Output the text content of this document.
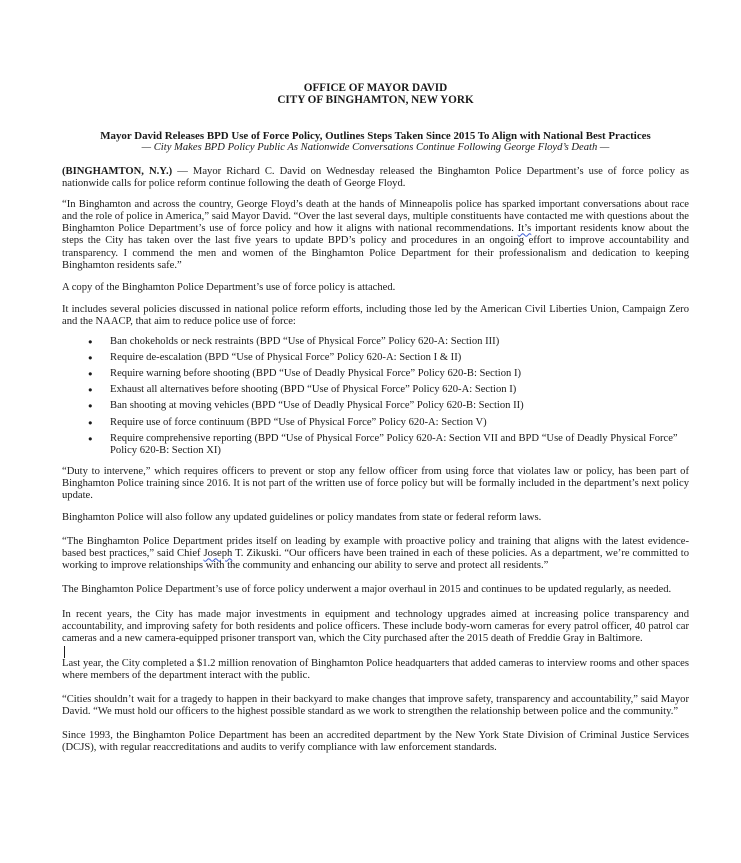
OFFICE OF MAYOR DAVID
CITY OF BINGHAMTON, NEW YORK
Mayor David Releases BPD Use of Force Policy, Outlines Steps Taken Since 2015 To Align with National Best Practices
— City Makes BPD Policy Public As Nationwide Conversations Continue Following George Floyd’s Death —

(BINGHAMTON, N.Y.) — Mayor Richard C. David on Wednesday released the Binghamton Police Department’s use of force policy as nationwide calls for police reform continue following the death of George Floyd.

“In Binghamton and across the country, George Floyd’s death at the hands of Minneapolis police has sparked important conversations about race and the role of police in America,” said Mayor David. “Over the last several days, multiple constituents have contacted me with questions about the Binghamton Police Department’s use of force policy and how it aligns with national recommendations. It’s important residents know about the steps the City has taken over the last five years to update BPD’s policy and procedures in an ongoing effort to improve accountability and transparency. I commend the men and women of the Binghamton Police Department for their professionalism and dedication to keeping Binghamton residents safe.”

A copy of the Binghamton Police Department’s use of force policy is attached.

It includes several policies discussed in national police reform efforts, including those led by the American Civil Liberties Union, Campaign Zero and the NAACP, that aim to reduce police use of force:

● Ban chokeholds or neck restraints (BPD “Use of Physical Force” Policy 620-A: Section III)
● Require de-escalation (BPD “Use of Physical Force” Policy 620-A: Section I & II)
● Require warning before shooting (BPD “Use of Deadly Physical Force” Policy 620-B: Section I)
● Exhaust all alternatives before shooting (BPD “Use of Physical Force” Policy 620-A: Section I)
● Ban shooting at moving vehicles (BPD “Use of Deadly Physical Force” Policy 620-B: Section II)
● Require use of force continuum (BPD “Use of Physical Force” Policy 620-A: Section V)
● Require comprehensive reporting (BPD “Use of Physical Force” Policy 620-A: Section VII and BPD “Use of Deadly Physical Force” Policy 620-B: Section XI)

“Duty to intervene,” which requires officers to prevent or stop any fellow officer from using force that violates law or policy, has been part of Binghamton Police training since 2016. It is not part of the written use of force policy but will be formally included in the department’s next policy update.

Binghamton Police will also follow any updated guidelines or policy mandates from state or federal reform laws.

“The Binghamton Police Department prides itself on leading by example with proactive policy and training that aligns with the latest evidence-based best practices,” said Chief Joseph T. Zikuski. “Our officers have been trained in each of these policies. As a department, we’re committed to working to improve relationships with the community and enhancing our ability to serve and protect all residents.”

The Binghamton Police Department’s use of force policy underwent a major overhaul in 2015 and continues to be updated regularly, as needed.

In recent years, the City has made major investments in equipment and technology upgrades aimed at increasing police transparency and accountability, and improving safety for both residents and police officers. These include body-worn cameras for every patrol officer, 40 patrol car cameras and a new camera-equipped prisoner transport van, which the City purchased after the 2015 death of Freddie Gray in Baltimore.

Last year, the City completed a $1.2 million renovation of Binghamton Police headquarters that added cameras to interview rooms and other spaces where members of the department interact with the public.

“Cities shouldn’t wait for a tragedy to happen in their backyard to make changes that improve safety, transparency and accountability,” said Mayor David. “We must hold our officers to the highest possible standard as we work to strengthen the relationship between police and the community.”

Since 1993, the Binghamton Police Department has been an accredited department by the New York State Division of Criminal Justice Services (DCJS), with regular reaccreditations and audits to verify compliance with law enforcement standards.
